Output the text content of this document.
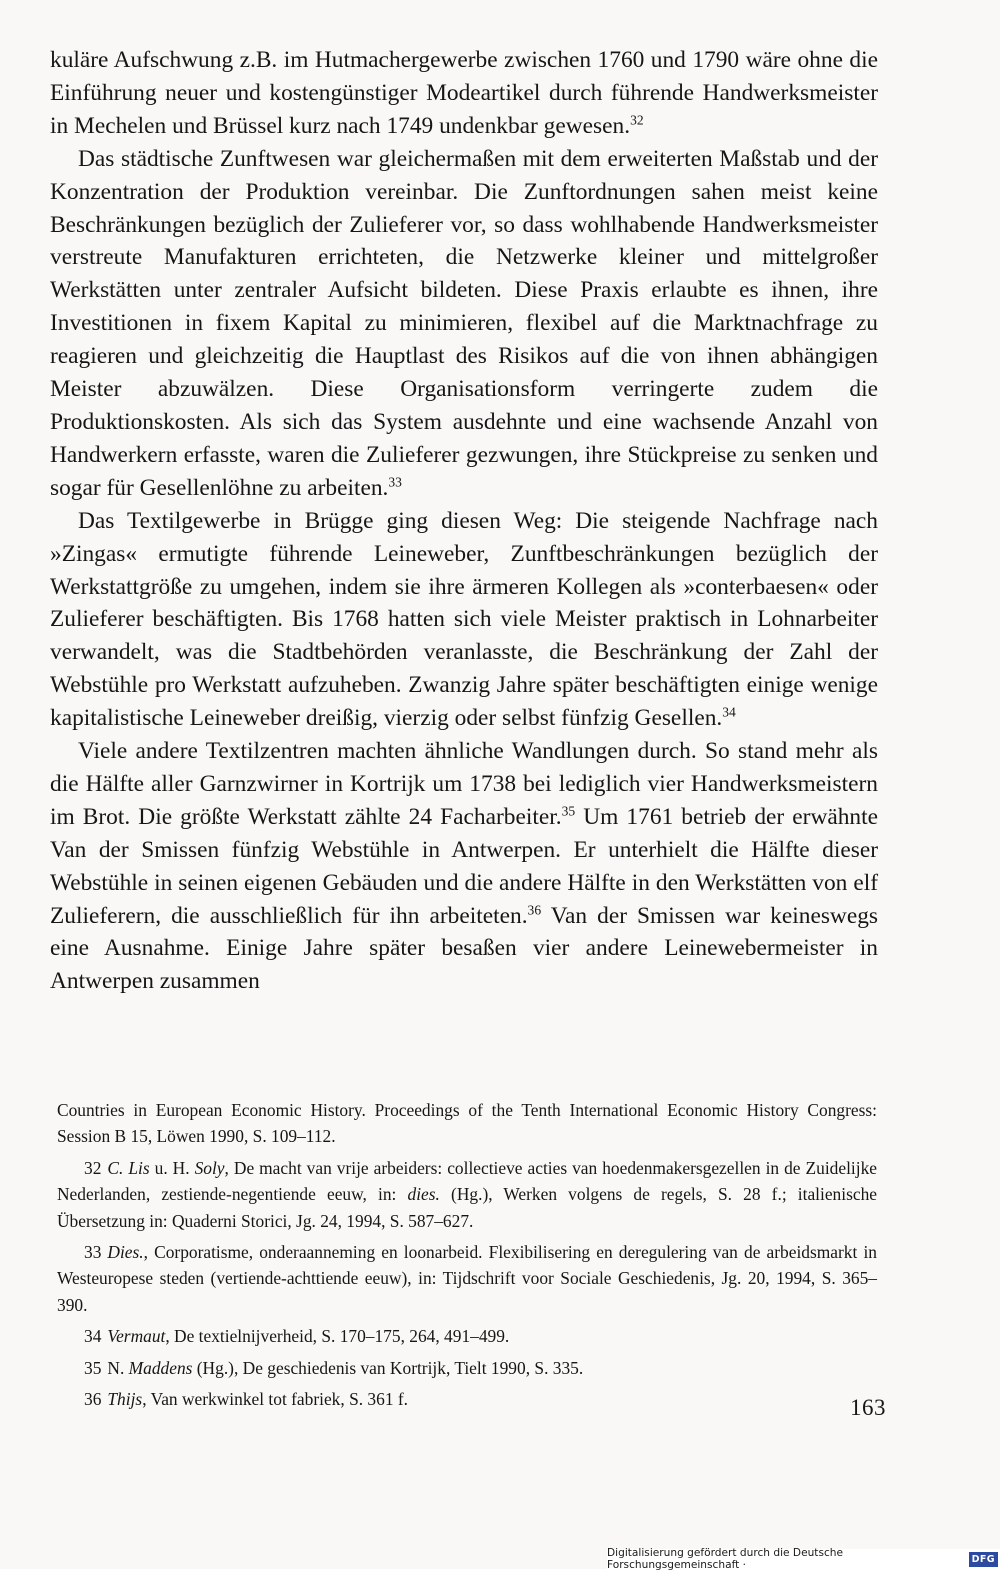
kuläre Aufschwung z.B. im Hutmachergewerbe zwischen 1760 und 1790 wäre ohne die Einführung neuer und kostengünstiger Modeartikel durch führende Handwerksmeister in Mechelen und Brüssel kurz nach 1749 undenkbar gewesen.$^{32}$

Das städtische Zunftwesen war gleichermaßen mit dem erweiterten Maßstab und der Konzentration der Produktion vereinbar. Die Zunftordnungen sahen meist keine Beschränkungen bezüglich der Zulieferer vor, so dass wohlhabende Handwerksmeister verstreute Manufakturen errichteten, die Netzwerke kleiner und mittelgroßer Werkstätten unter zentraler Aufsicht bildeten. Diese Praxis erlaubte es ihnen, ihre Investitionen in fixem Kapital zu minimieren, flexibel auf die Marktnachfrage zu reagieren und gleichzeitig die Hauptlast des Risikos auf die von ihnen abhängigen Meister abzuwälzen. Diese Organisationsform verringerte zudem die Produktionskosten. Als sich das System ausdehnte und eine wachsende Anzahl von Handwerkern erfasste, waren die Zulieferer gezwungen, ihre Stückpreise zu senken und sogar für Gesellenlöhne zu arbeiten.$^{33}$

Das Textilgewerbe in Brügge ging diesen Weg: Die steigende Nachfrage nach »Zingas« ermutigte führende Leineweber, Zunftbeschränkungen bezüglich der Werkstattgröße zu umgehen, indem sie ihre ärmeren Kollegen als »conterbaesen« oder Zulieferer beschäftigten. Bis 1768 hatten sich viele Meister praktisch in Lohnarbeiter verwandelt, was die Stadtbehörden veranlasste, die Beschränkung der Zahl der Webstühle pro Werkstatt aufzuheben. Zwanzig Jahre später beschäftigten einige wenige kapitalistische Leineweber dreißig, vierzig oder selbst fünfzig Gesellen.$^{34}$

Viele andere Textilzentren machten ähnliche Wandlungen durch. So stand mehr als die Hälfte aller Garnzwirner in Kortrijk um 1738 bei lediglich vier Handwerksmeistern im Brot. Die größte Werkstatt zählte 24 Facharbeiter.$^{35}$ Um 1761 betrieb der erwähnte Van der Smissen fünfzig Webstühle in Antwerpen. Er unterhielt die Hälfte dieser Webstühle in seinen eigenen Gebäuden und die andere Hälfte in den Werkstätten von elf Zulieferern, die ausschließlich für ihn arbeiteten.$^{36}$ Van der Smissen war keineswegs eine Ausnahme. Einige Jahre später besaßen vier andere Leinewebermeister in Antwerpen zusammen

Countries in European Economic History. Proceedings of the Tenth International Economic History Congress: Session B 15, Löwen 1990, S. 109–112.

32 C. Lis u. H. Soly, De macht van vrije arbeiders: collectieve acties van hoedenmakersgezellen in de Zuidelijke Nederlanden, zestiende-negentiende eeuw, in: dies. (Hg.), Werken volgens de regels, S. 28 f.; italienische Übersetzung in: Quaderni Storici, Jg. 24, 1994, S. 587–627.

33 Dies., Corporatisme, onderaanneming en loonarbeid. Flexibilisering en deregulering van de arbeidsmarkt in Westeuropese steden (vertiende-achttiende eeuw), in: Tijdschrift voor Sociale Geschiedenis, Jg. 20, 1994, S. 365–390.

34 Vermaut, De textielnijverheid, S. 170–175, 264, 491–499.

35 N. Maddens (Hg.), De geschiedenis van Kortrijk, Tielt 1990, S. 335.

36 Thijs, Van werkwinkel tot fabriek, S. 361 f.	163
Digitalisierung gefördert durch die Deutsche Forschungsgemeinschaft ·	DFG
